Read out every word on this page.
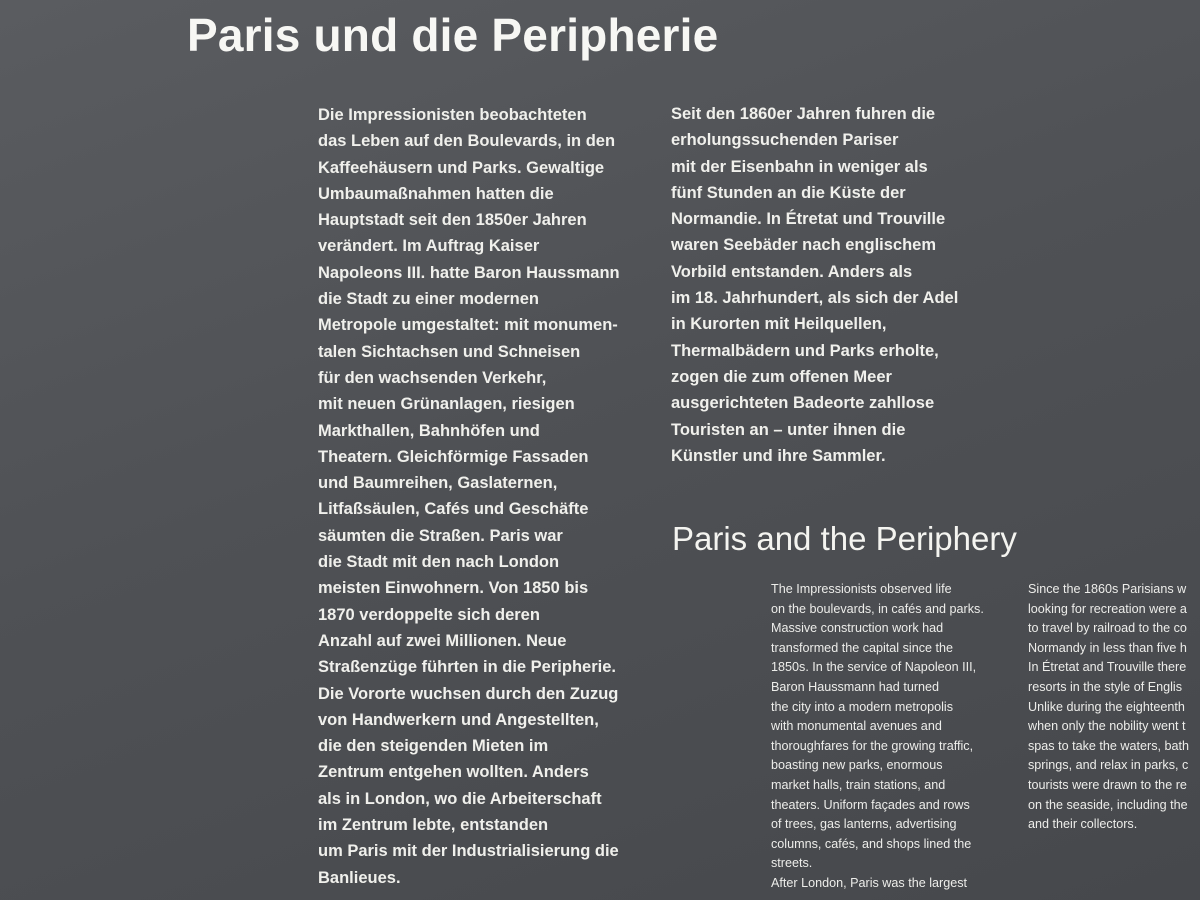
Paris und die Peripherie
Die Impressionisten beobachteten
das Leben auf den Boulevards, in den
Kaffeehäusern und Parks. Gewaltige
Umbaumaßnahmen hatten die
Hauptstadt seit den 1850er Jahren
verändert. Im Auftrag Kaiser
Napoleons III. hatte Baron Haussmann
die Stadt zu einer modernen
Metropole umgestaltet: mit monumen-
talen Sichtachsen und Schneisen
für den wachsenden Verkehr,
mit neuen Grünanlagen, riesigen
Markthallen, Bahnhöfen und
Theatern. Gleichförmige Fassaden
und Baumreihen, Gaslaternen,
Litfaßsäulen, Cafés und Geschäfte
säumten die Straßen. Paris war
die Stadt mit den nach London
meisten Einwohnern. Von 1850 bis
1870 verdoppelte sich deren
Anzahl auf zwei Millionen. Neue
Straßenzüge führten in die Peripherie.
Die Vororte wuchsen durch den Zuzug
von Handwerkern und Angestellten,
die den steigenden Mieten im
Zentrum entgehen wollten. Anders
als in London, wo die Arbeiterschaft
im Zentrum lebte, entstanden
um Paris mit der Industrialisierung die
Banlieues.
Seit den 1860er Jahren fuhren die
erholungssuchenden Pariser
mit der Eisenbahn in weniger als
fünf Stunden an die Küste der
Normandie. In Étretat und Trouville
waren Seebäder nach englischem
Vorbild entstanden. Anders als
im 18. Jahrhundert, als sich der Adel
in Kurorten mit Heilquellen,
Thermalbädern und Parks erholte,
zogen die zum offenen Meer
ausgerichteten Badeorte zahllose
Touristen an – unter ihnen die
Künstler und ihre Sammler.
Paris and the Periphery
The Impressionists observed life
on the boulevards, in cafés and parks.
Massive construction work had
transformed the capital since the
1850s. In the service of Napoleon III,
Baron Haussmann had turned
the city into a modern metropolis
with monumental avenues and
thoroughfares for the growing traffic,
boasting new parks, enormous
market halls, train stations, and
theaters. Uniform façades and rows
of trees, gas lanterns, advertising
columns, cafés, and shops lined the
streets.
After London, Paris was the largest
Since the 1860s Parisians w
looking for recreation were a
to travel by railroad to the co
Normandy in less than five h
In Étretat and Trouville there
resorts in the style of Englis
Unlike during the eighteenth
when only the nobility went t
spas to take the waters, bath
springs, and relax in parks, c
tourists were drawn to the re
on the seaside, including the
and their collectors.
